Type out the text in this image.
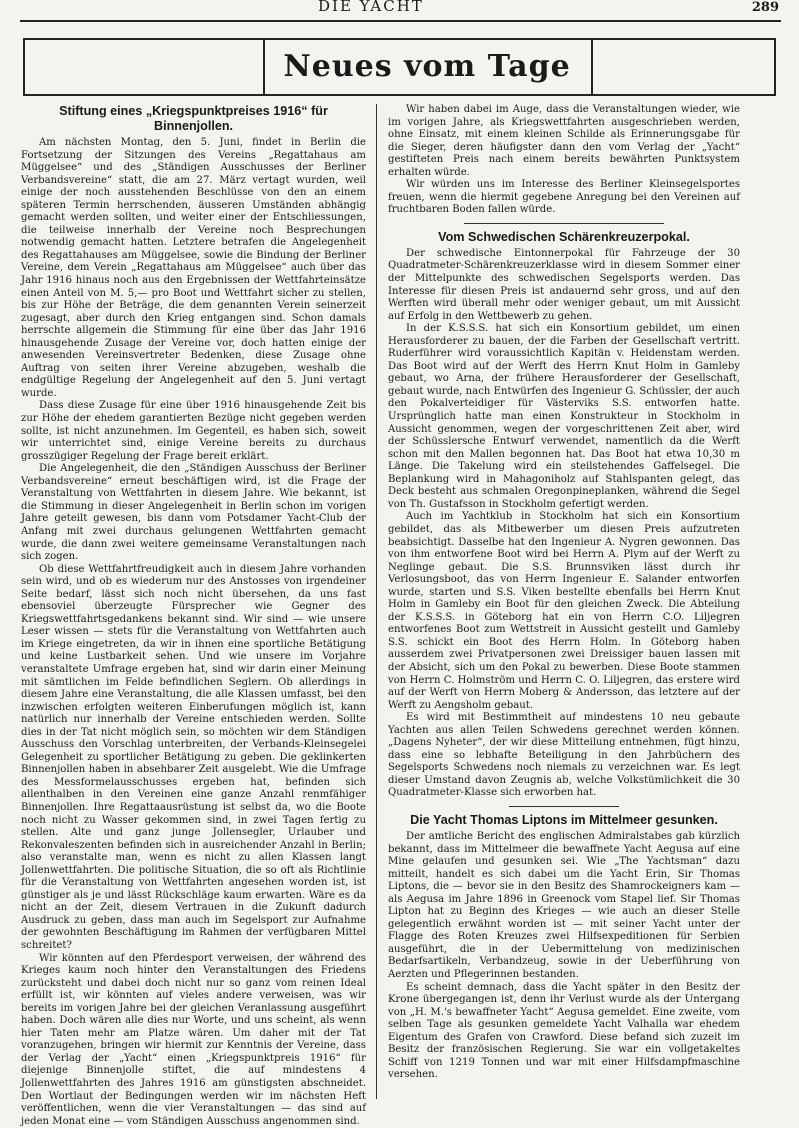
DIE YACHT	289
Neues vom Tage
Stiftung eines „Kriegspunktpreises 1916“ für Binnenjollen.

Am nächsten Montag, den 5. Juni, findet in Berlin die Fortsetzung der Sitzungen des Vereins „Regattahaus am Müggelsee“ und des „Ständigen Ausschusses der Berliner Verbandsvereine“ statt, die am 27. März vertagt wurden, weil einige der noch ausstehenden Beschlüsse von den an einem späteren Termin herrschenden, äusseren Umständen abhängig gemacht werden sollten, und weiter einer der Entschliessungen, die teilweise innerhalb der Vereine noch Besprechungen notwendig gemacht hatten. Letztere betrafen die Angelegenheit des Regattahauses am Müggelsee, sowie die Bindung der Berliner Vereine, dem Verein „Regattahaus am Müggelsee“ auch über das Jahr 1916 hinaus noch aus den Ergebnissen der Wettfahrteinsätze einen Anteil von M. 5,— pro Boot und Wettfahrt sicher zu stellen, bis zur Höhe der Beträge, die dem genannten Verein seinerzeit zugesagt, aber durch den Krieg entgangen sind. Schon damals herrschte allgemein die Stimmung für eine über das Jahr 1916 hinausgehende Zusage der Vereine vor, doch hatten einige der anwesenden Vereinsvertreter Bedenken, diese Zusage ohne Auftrag von seiten ihrer Vereine abzugeben, weshalb die endgültige Regelung der Angelegenheit auf den 5. Juni vertagt wurde.

Dass diese Zusage für eine über 1916 hinausgehende Zeit bis zur Höhe der ehedem garantierten Bezüge nicht gegeben werden sollte, ist nicht anzunehmen. Im Gegenteil, es haben sich, soweit wir unterrichtet sind, einige Vereine bereits zu durchaus grosszügiger Regelung der Frage bereit erklärt.

Die Angelegenheit, die den „Ständigen Ausschuss der Berliner Verbandsvereine“ erneut beschäftigen wird, ist die Frage der Veranstaltung von Wettfahrten in diesem Jahre. Wie bekannt, ist die Stimmung in dieser Angelegenheit in Berlin schon im vorigen Jahre geteilt gewesen, bis dann vom Potsdamer Yacht-Club der Anfang mit zwei durchaus gelungenen Wettfahrten gemacht wurde, die dann zwei weitere gemeinsame Veranstaltungen nach sich zogen.

Ob diese Wettfahrtfreudigkeit auch in diesem Jahre vorhanden sein wird, und ob es wiederum nur des Anstosses von irgendeiner Seite bedarf, lässt sich noch nicht übersehen, da uns fast ebensoviel überzeugte Fürsprecher wie Gegner des Kriegswettfahrtsgedankens bekannt sind. Wir sind — wie unsere Leser wissen — stets für die Veranstaltung von Wettfahrten auch im Kriege eingetreten, da wir in ihnen eine sportliche Betätigung und keine Lustbarkeit sehen. Und wie unsere im Vorjahre veranstaltete Umfrage ergeben hat, sind wir darin einer Meinung mit sämtlichen im Felde befindlichen Seglern. Ob allerdings in diesem Jahre eine Veranstaltung, die alle Klassen umfasst, bei den inzwischen erfolgten weiteren Einberufungen möglich ist, kann natürlich nur innerhalb der Vereine entschieden werden. Sollte dies in der Tat nicht möglich sein, so möchten wir dem Ständigen Ausschuss den Vorschlag unterbreiten, der Verbands-Kleinsegelei Gelegenheit zu sportlicher Betätigung zu geben. Die geklinkerten Binnenjollen haben in absehbarer Zeit ausgelebt. Wie die Umfrage des Messformelausschusses ergeben hat, befinden sich allenthalben in den Vereinen eine ganze Anzahl renmfähiger Binnenjollen. Ihre Regattaausrüstung ist selbst da, wo die Boote noch nicht zu Wasser gekommen sind, in zwei Tagen fertig zu stellen. Alte und ganz junge Jollensegler, Urlauber und Rekonvaleszenten befinden sich in ausreichender Anzahl in Berlin; also veranstalte man, wenn es nicht zu allen Klassen langt Jollenwettfahrten. Die politische Situation, die so oft als Richtlinie für die Veranstaltung von Wettfahrten angesehen worden ist, ist günstiger als je und lässt Rückschläge kaum erwarten. Wäre es da nicht an der Zeit, diesem Vertrauen in die Zukunft dadurch Ausdruck zu geben, dass man auch im Segelsport zur Aufnahme der gewohnten Beschäftigung im Rahmen der verfügbaren Mittel schreitet?

Wir könnten auf den Pferdesport verweisen, der während des Krieges kaum noch hinter den Veranstaltungen des Friedens zurücksteht und dabei doch nicht nur so ganz vom reinen Ideal erfüllt ist, wir könnten auf vieles andere verweisen, was wir bereits im vorigen Jahre bei der gleichen Veranlassung ausgeführt haben. Doch wären alle dies nur Worte, und uns scheint, als wenn hier Taten mehr am Platze wären. Um daher mit der Tat voranzugehen, bringen wir hiermit zur Kenntnis der Vereine, dass der Verlag der „Yacht“ einen „Kriegspunktpreis 1916“ für diejenige Binnenjolle stiftet, die auf mindestens 4 Jollenwettfahrten des Jahres 1916 am günstigsten abschneidet. Den Wortlaut der Bedingungen werden wir im nächsten Heft veröffentlichen, wenn die vier Veranstaltungen — das sind auf jeden Monat eine — vom Ständigen Ausschuss angenommen sind.

Wir haben dabei im Auge, dass die Veranstaltungen wieder, wie im vorigen Jahre, als Kriegswettfahrten ausgeschrieben werden, ohne Einsatz, mit einem kleinen Schilde als Erinnerungsgabe für die Sieger, deren häufigster dann den vom Verlag der „Yacht“ gestifteten Preis nach einem bereits bewährten Punktsystem erhalten würde.

Wir würden uns im Interesse des Berliner Kleinsegelsportes freuen, wenn die hiermit gegebene Anregung bei den Vereinen auf fruchtbaren Boden fallen würde.

Vom Schwedischen Schärenkreuzerpokal.

Der schwedische Eintonnerpokal für Fahrzeuge der 30 Quadratmeter-Schärenkreuzerklasse wird in diesem Sommer einer der Mittelpunkte des schwedischen Segelsports werden. Das Interesse für diesen Preis ist andauernd sehr gross, und auf den Werften wird überall mehr oder weniger gebaut, um mit Aussicht auf Erfolg in den Wettbewerb zu gehen.

In der K.S.S.S. hat sich ein Konsortium gebildet, um einen Herausforderer zu bauen, der die Farben der Gesellschaft vertritt. Ruderführer wird voraussichtlich Kapitän v. Heidenstam werden. Das Boot wird auf der Werft des Herrn Knut Holm in Gamleby gebaut, wo Arna, der frühere Herausforderer der Gesellschaft, gebaut wurde, nach Entwürfen des Ingenieur G. Schüssler, der auch den Pokalverteidiger für Västerviks S.S. entworfen hatte. Ursprünglich hatte man einen Konstrukteur in Stockholm in Aussicht genommen, wegen der vorgeschrittenen Zeit aber, wird der Schüsslersche Entwurf verwendet, namentlich da die Werft schon mit den Mallen begonnen hat. Das Boot hat etwa 10,30 m Länge. Die Takelung wird ein steilstehendes Gaffelsegel. Die Beplankung wird in Mahagoniholz auf Stahlspanten gelegt, das Deck besteht aus schmalen Oregonpineplanken, während die Segel von Th. Gustafsson in Stockholm gefertigt werden.

Auch im Yachtklub in Stockholm hat sich ein Konsortium gebildet, das als Mitbewerber um diesen Preis aufzutreten beabsichtigt. Dasselbe hat den Ingenieur A. Nygren gewonnen. Das von ihm entworfene Boot wird bei Herrn A. Plym auf der Werft zu Neglinge gebaut. Die S.S. Brunnsviken lässt durch ihr Verlosungsboot, das von Herrn Ingenieur E. Salander entworfen wurde, starten und S.S. Viken bestellte ebenfalls bei Herrn Knut Holm in Gamleby ein Boot für den gleichen Zweck. Die Abteilung der K.S.S.S. in Göteborg hat ein von Herrn C.O. Liljegren entworfenes Boot zum Wettstreit in Aussicht gestellt und Gamleby S.S. schickt ein Boot des Herrn Holm. In Göteborg haben ausserdem zwei Privatpersonen zwei Dreissiger bauen lassen mit der Absicht, sich um den Pokal zu bewerben. Diese Boote stammen von Herrn C. Holmström und Herrn C. O. Liljegren, das erstere wird auf der Werft von Herrn Moberg & Andersson, das letztere auf der Werft zu Aengsholm gebaut.

Es wird mit Bestimmtheit auf mindestens 10 neu gebaute Yachten aus allen Teilen Schwedens gerechnet werden können. „Dagens Nyheter“, der wir diese Mitteilung entnehmen, fügt hinzu, dass eine so lebhafte Beteiligung in den Jahrbüchern des Segelsports Schwedens noch niemals zu verzeichnen war. Es legt dieser Umstand davon Zeugnis ab, welche Volkstümlichkeit die 30 Quadratmeter-Klasse sich erworben hat.

Die Yacht Thomas Liptons im Mittelmeer gesunken.

Der amtliche Bericht des englischen Admiralstabes gab kürzlich bekannt, dass im Mittelmeer die bewaffnete Yacht Aegusa auf eine Mine gelaufen und gesunken sei. Wie „The Yachtsman“ dazu mitteilt, handelt es sich dabei um die Yacht Erin, Sir Thomas Liptons, die — bevor sie in den Besitz des Shamrockeigners kam — als Aegusa im Jahre 1896 in Greenock vom Stapel lief. Sir Thomas Lipton hat zu Beginn des Krieges — wie auch an dieser Stelle gelegentlich erwähnt worden ist — mit seiner Yacht unter der Flagge des Roten Kreuzes zwei Hilfsexpeditionen für Serbien ausgeführt, die in der Uebermittelung von medizinischen Bedarfsartikeln, Verbandzeug, sowie in der Ueberführung von Aerzten und Pflegerinnen bestanden.

Es scheint demnach, dass die Yacht später in den Besitz der Krone übergegangen ist, denn ihr Verlust wurde als der Untergang von „H. M.'s bewaffneter Yacht“ Aegusa gemeldet. Eine zweite, vom selben Tage als gesunken gemeldete Yacht Valhalla war ehedem Eigentum des Grafen von Crawford. Diese befand sich zuzeit im Besitz der französischen Regierung. Sie war ein vollgetakeltes Schiff von 1219 Tonnen und war mit einer Hilfsdampfmaschine versehen.
